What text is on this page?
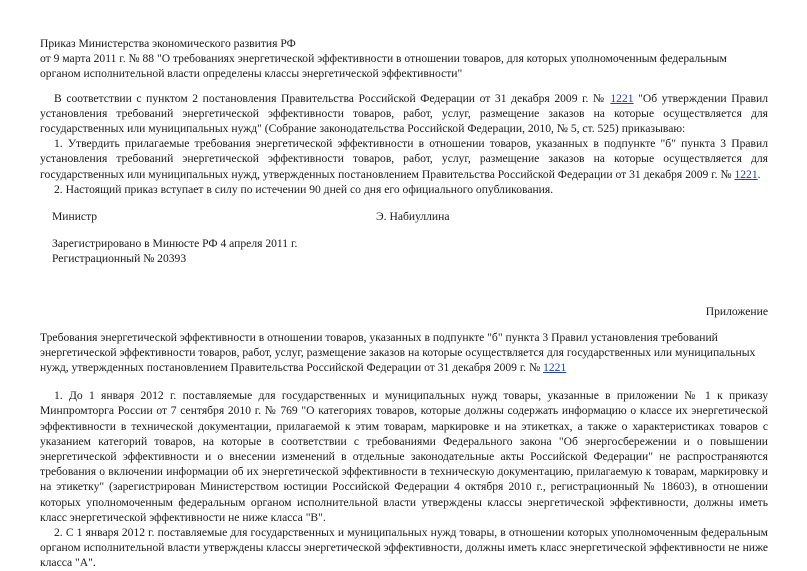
Приказ Министерства экономического развития РФ

от 9 марта 2011 г. № 88 "О требованиях энергетической эффективности в отношении товаров, для которых уполномоченным федеральным органом исполнительной власти определены классы энергетической эффективности"

В соответствии с пунктом 2 постановления Правительства Российской Федерации от 31 декабря 2009 г. № 1221 "Об утверждении Правил установления требований энергетической эффективности товаров, работ, услуг, размещение заказов на которые осуществляется для государственных или муниципальных нужд" (Собрание законодательства Российской Федерации, 2010, № 5, ст. 525) приказываю:

1. Утвердить прилагаемые требования энергетической эффективности в отношении товаров, указанных в подпункте "б" пункта 3 Правил установления требований энергетической эффективности товаров, работ, услуг, размещение заказов на которые осуществляется для государственных или муниципальных нужд, утвержденных постановлением Правительства Российской Федерации от 31 декабря 2009 г. № 1221.

2. Настоящий приказ вступает в силу по истечении 90 дней со дня его официального опубликования.

Министр	Э. Набиуллина

Зарегистрировано в Минюсте РФ 4 апреля 2011 г.

Регистрационный № 20393

Приложение

Требования энергетической эффективности в отношении товаров, указанных в подпункте "б" пункта 3 Правил установления требований энергетической эффективности товаров, работ, услуг, размещение заказов на которые осуществляется для государственных или муниципальных нужд, утвержденных постановлением Правительства Российской Федерации от 31 декабря 2009 г. № 1221

1. До 1 января 2012 г. поставляемые для государственных и муниципальных нужд товары, указанные в приложении № 1 к приказу Минпромторга России от 7 сентября 2010 г. № 769 "О категориях товаров, которые должны содержать информацию о классе их энергетической эффективности в технической документации, прилагаемой к этим товарам, маркировке и на этикетках, а также о характеристиках товаров с указанием категорий товаров, на которые в соответствии с требованиями Федерального закона "Об энергосбережении и о повышении энергетической эффективности и о внесении изменений в отдельные законодательные акты Российской Федерации" не распространяются требования о включении информации об их энергетической эффективности в техническую документацию, прилагаемую к товарам, маркировку и на этикетку" (зарегистрирован Министерством юстиции Российской Федерации 4 октября 2010 г., регистрационный № 18603), в отношении которых уполномоченным федеральным органом исполнительной власти утверждены классы энергетической эффективности, должны иметь класс энергетической эффективности не ниже класса "В".

2. С 1 января 2012 г. поставляемые для государственных и муниципальных нужд товары, в отношении которых уполномоченным федеральным органом исполнительной власти утверждены классы энергетической эффективности, должны иметь класс энергетической эффективности не ниже класса "А".
